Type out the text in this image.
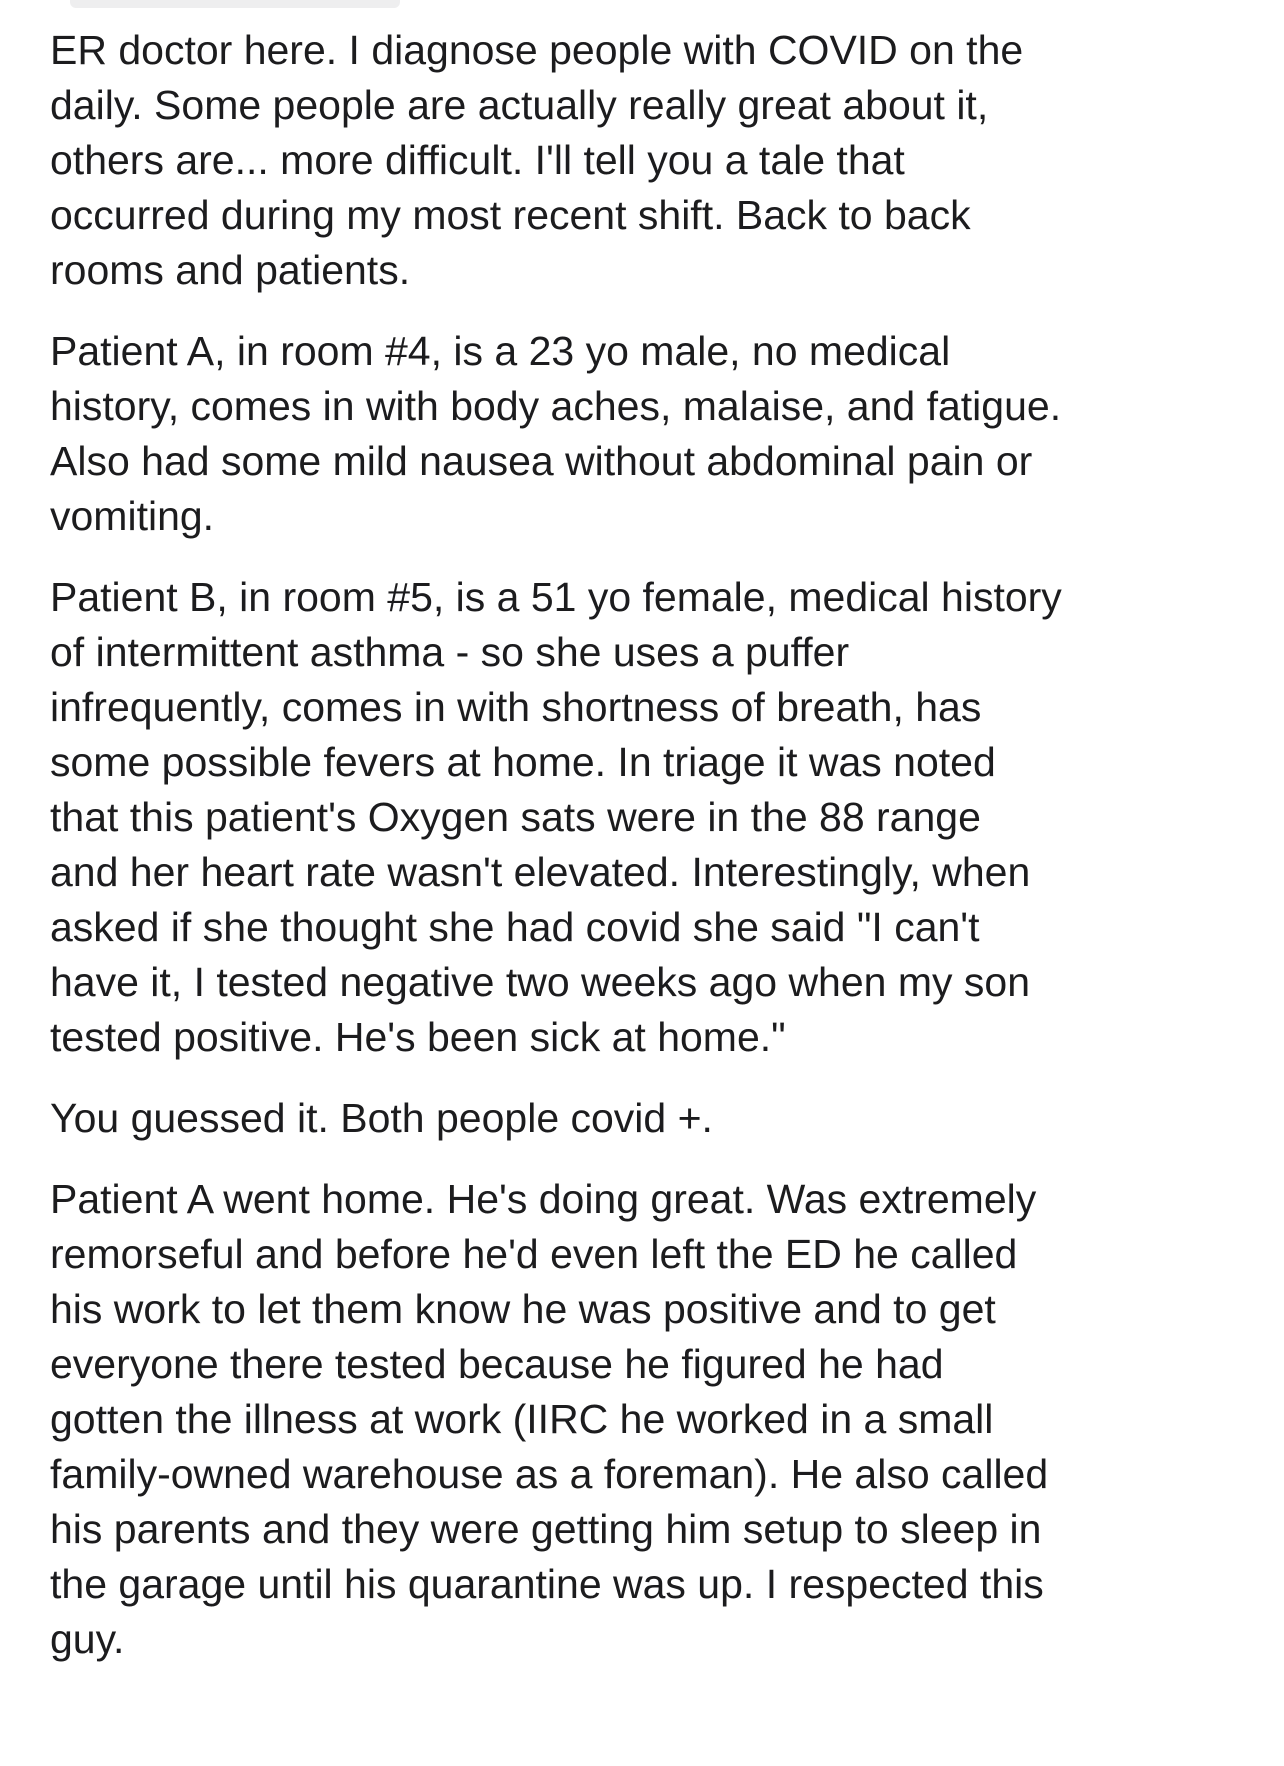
ER doctor here. I diagnose people with COVID on the
daily. Some people are actually really great about it,
others are... more difficult. I'll tell you a tale that
occurred during my most recent shift. Back to back
rooms and patients.

Patient A, in room #4, is a 23 yo male, no medical
history, comes in with body aches, malaise, and fatigue.
Also had some mild nausea without abdominal pain or
vomiting.

Patient B, in room #5, is a 51 yo female, medical history
of intermittent asthma - so she uses a puffer
infrequently, comes in with shortness of breath, has
some possible fevers at home. In triage it was noted
that this patient's Oxygen sats were in the 88 range
and her heart rate wasn't elevated. Interestingly, when
asked if she thought she had covid she said "I can't
have it, I tested negative two weeks ago when my son
tested positive. He's been sick at home."

You guessed it. Both people covid +.

Patient A went home. He's doing great. Was extremely
remorseful and before he'd even left the ED he called
his work to let them know he was positive and to get
everyone there tested because he figured he had
gotten the illness at work (IIRC he worked in a small
family-owned warehouse as a foreman). He also called
his parents and they were getting him setup to sleep in
the garage until his quarantine was up. I respected this
guy.
